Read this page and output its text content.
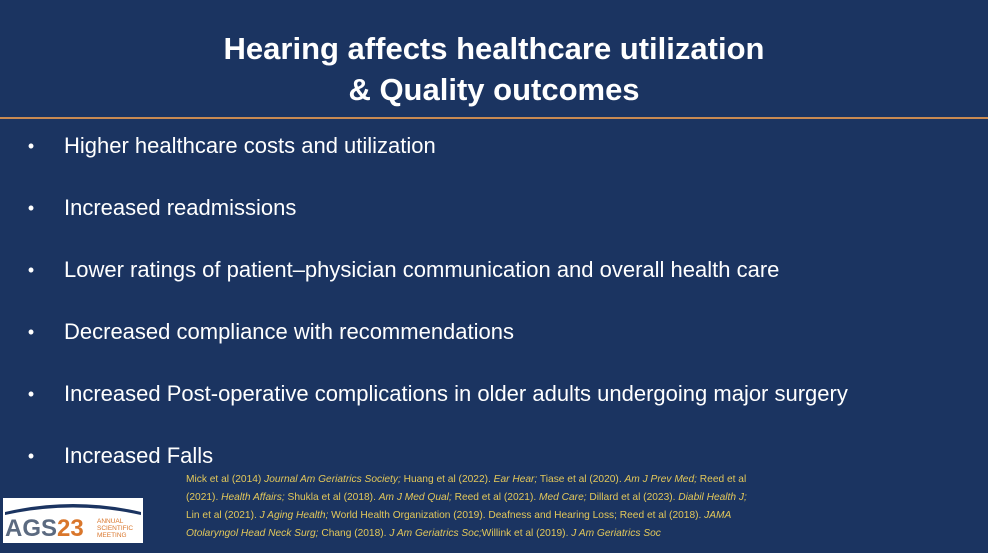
Hearing affects healthcare utilization
& Quality outcomes
• Higher healthcare costs and utilization
• Increased readmissions
• Lower ratings of patient–physician communication and overall health care
• Decreased compliance with recommendations
• Increased Post-operative complications in older adults undergoing major surgery
• Increased Falls
Mick et al (2014) Journal Am Geriatrics Society; Huang et al (2022). Ear Hear; Tiase et al (2020). Am J Prev Med; Reed et al
(2021). Health Affairs; Shukla et al (2018). Am J Med Qual; Reed et al (2021). Med Care; Dillard et al (2023). Diabil Health J;
Lin et al (2021). J Aging Health; World Health Organization (2019). Deafness and Hearing Loss; Reed et al (2018). JAMA
Otolaryngol Head Neck Surg; Chang (2018). J Am Geriatrics Soc;Willink et al (2019). J Am Geriatrics Soc
AGS23 ANNUAL
SCIENTIFIC
MEETING
